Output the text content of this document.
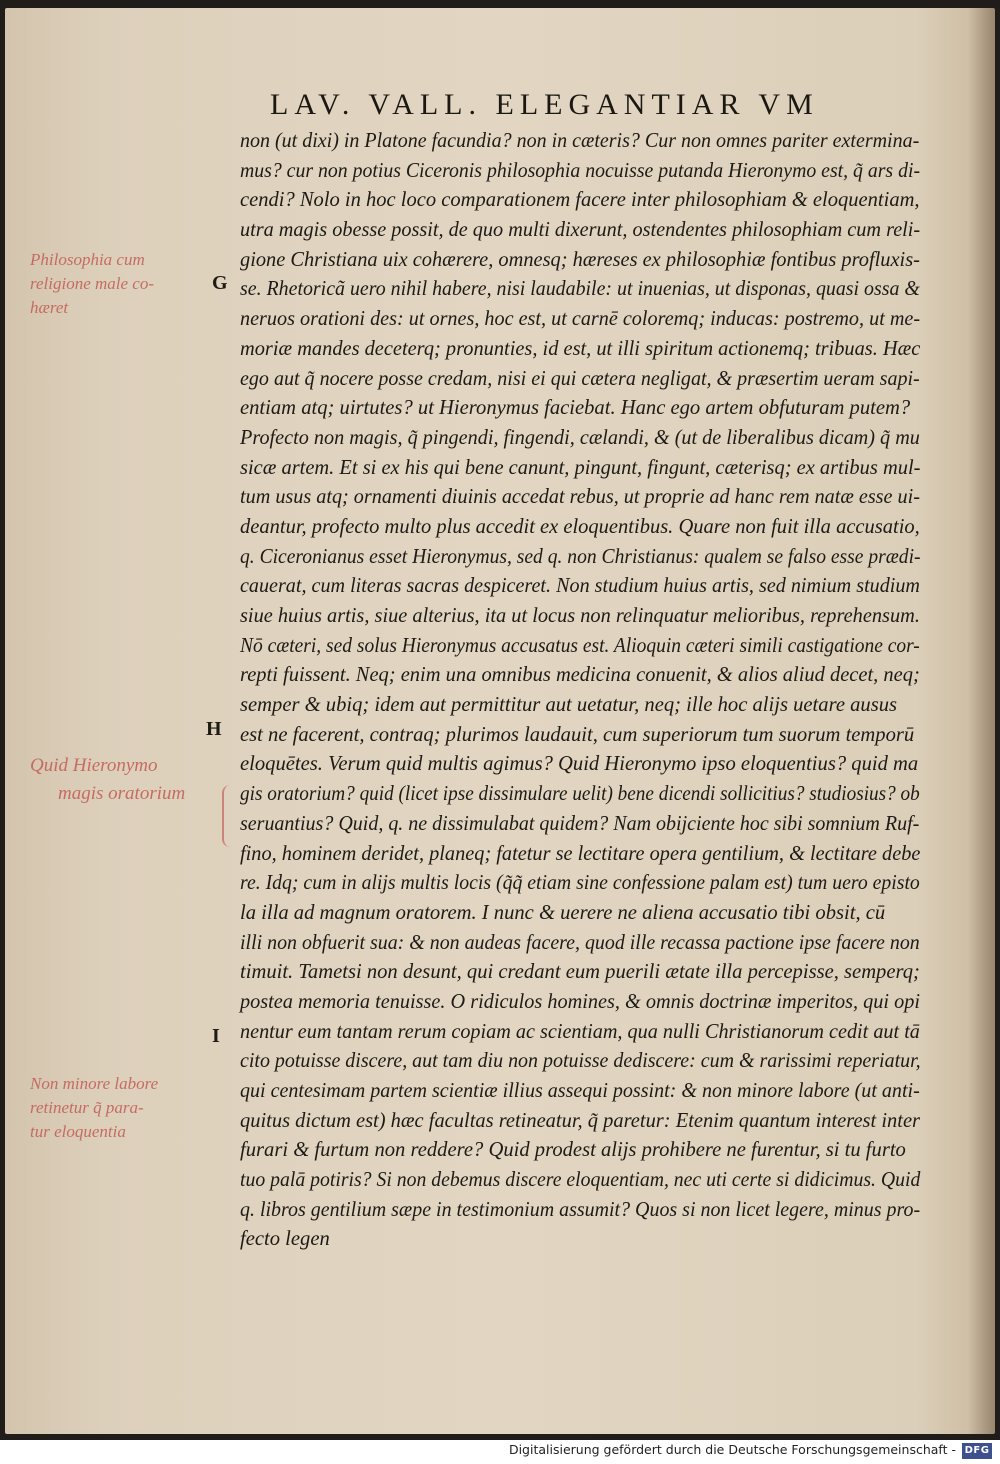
LAV. VALL. ELEGANTIAR VM
non (ut dixi) in Platone facundia? non in cæteris? Cur non omnes pariter extermina-
mus? cur non potius Ciceronis philosophia nocuisse putanda Hieronymo est, q̃ ars di-
cendi? Nolo in hoc loco comparationem facere inter philosophiam & eloquentiam,
utra magis obesse possit, de quo multi dixerunt, ostendentes philosophiam cum reli-
gione Christiana uix cohærere, omnesq; hæreses ex philosophiæ fontibus profluxis-
se. Rhetoricã uero nihil habere, nisi laudabile: ut inuenias, ut disponas, quasi ossa &
neruos orationi des: ut ornes, hoc est, ut carnē coloremq; inducas: postremo, ut me-
moriæ mandes deceterq; pronunties, id est, ut illi spiritum actionemq; tribuas. Hæc
ego aut q̃ nocere posse credam, nisi ei qui cætera negligat, & præsertim ueram sapi-
entiam atq; uirtutes? ut Hieronymus faciebat. Hanc ego artem obfuturam putem?
Profecto non magis, q̃ pingendi, fingendi, cælandi, & (ut de liberalibus dicam) q̃ mu
sicæ artem. Et si ex his qui bene canunt, pingunt, fingunt, cæterisq; ex artibus mul-
tum usus atq; ornamenti diuinis accedat rebus, ut proprie ad hanc rem natæ esse ui-
deantur, profecto multo plus accedit ex eloquentibus. Quare non fuit illa accusatio,
q. Ciceronianus esset Hieronymus, sed q. non Christianus: qualem se falso esse prædi-
cauerat, cum literas sacras despiceret. Non studium huius artis, sed nimium studium
siue huius artis, siue alterius, ita ut locus non relinquatur melioribus, reprehensum.
Nō cæteri, sed solus Hieronymus accusatus est. Alioquin cæteri simili castigatione cor-
repti fuissent. Neq; enim una omnibus medicina conuenit, & alios aliud decet, neq;
semper & ubiq; idem aut permittitur aut uetatur, neq; ille hoc alijs uetare ausus
est ne facerent, contraq; plurimos laudauit, cum superiorum tum suorum temporū
eloquētes. Verum quid multis agimus? Quid Hieronymo ipso eloquentius? quid ma
gis oratorium? quid (licet ipse dissimulare uelit) bene dicendi sollicitius? studiosius? ob
seruantius? Quid, q. ne dissimulabat quidem? Nam obijciente hoc sibi somnium Ruf-
fino, hominem deridet, planeq; fatetur se lectitare opera gentilium, & lectitare debe
re. Idq; cum in alijs multis locis (q̃q̃ etiam sine confessione palam est) tum uero episto
la illa ad magnum oratorem. I nunc & uerere ne aliena accusatio tibi obsit, cū
illi non obfuerit sua: & non audeas facere, quod ille recassa pactione ipse facere non
timuit. Tametsi non desunt, qui credant eum puerili ætate illa percepisse, semperq;
postea memoria tenuisse. O ridiculos homines, & omnis doctrinæ imperitos, qui opi
nentur eum tantam rerum copiam ac scientiam, qua nulli Christianorum cedit aut tā
cito potuisse discere, aut tam diu non potuisse dediscere: cum & rarissimi reperiatur,
qui centesimam partem scientiæ illius assequi possint: & non minore labore (ut anti-
quitus dictum est) hæc facultas retineatur, q̃ paretur: Etenim quantum interest inter
furari & furtum non reddere? Quid prodest alijs prohibere ne furentur, si tu furto
tuo palā potiris? Si non debemus discere eloquentiam, nec uti certe si didicimus. Quid
q. libros gentilium sæpe in testimonium assumit? Quos si non licet legere, minus pro-
fecto legen
G
H
I
Philosophia cum
religione male co-
hæret
Quid Hieronymo
magis oratorium
Non minore labore
retinetur q̃ para-
tur eloquentia
Digitalisierung gefördert durch die Deutsche Forschungsgemeinschaft - DFG
